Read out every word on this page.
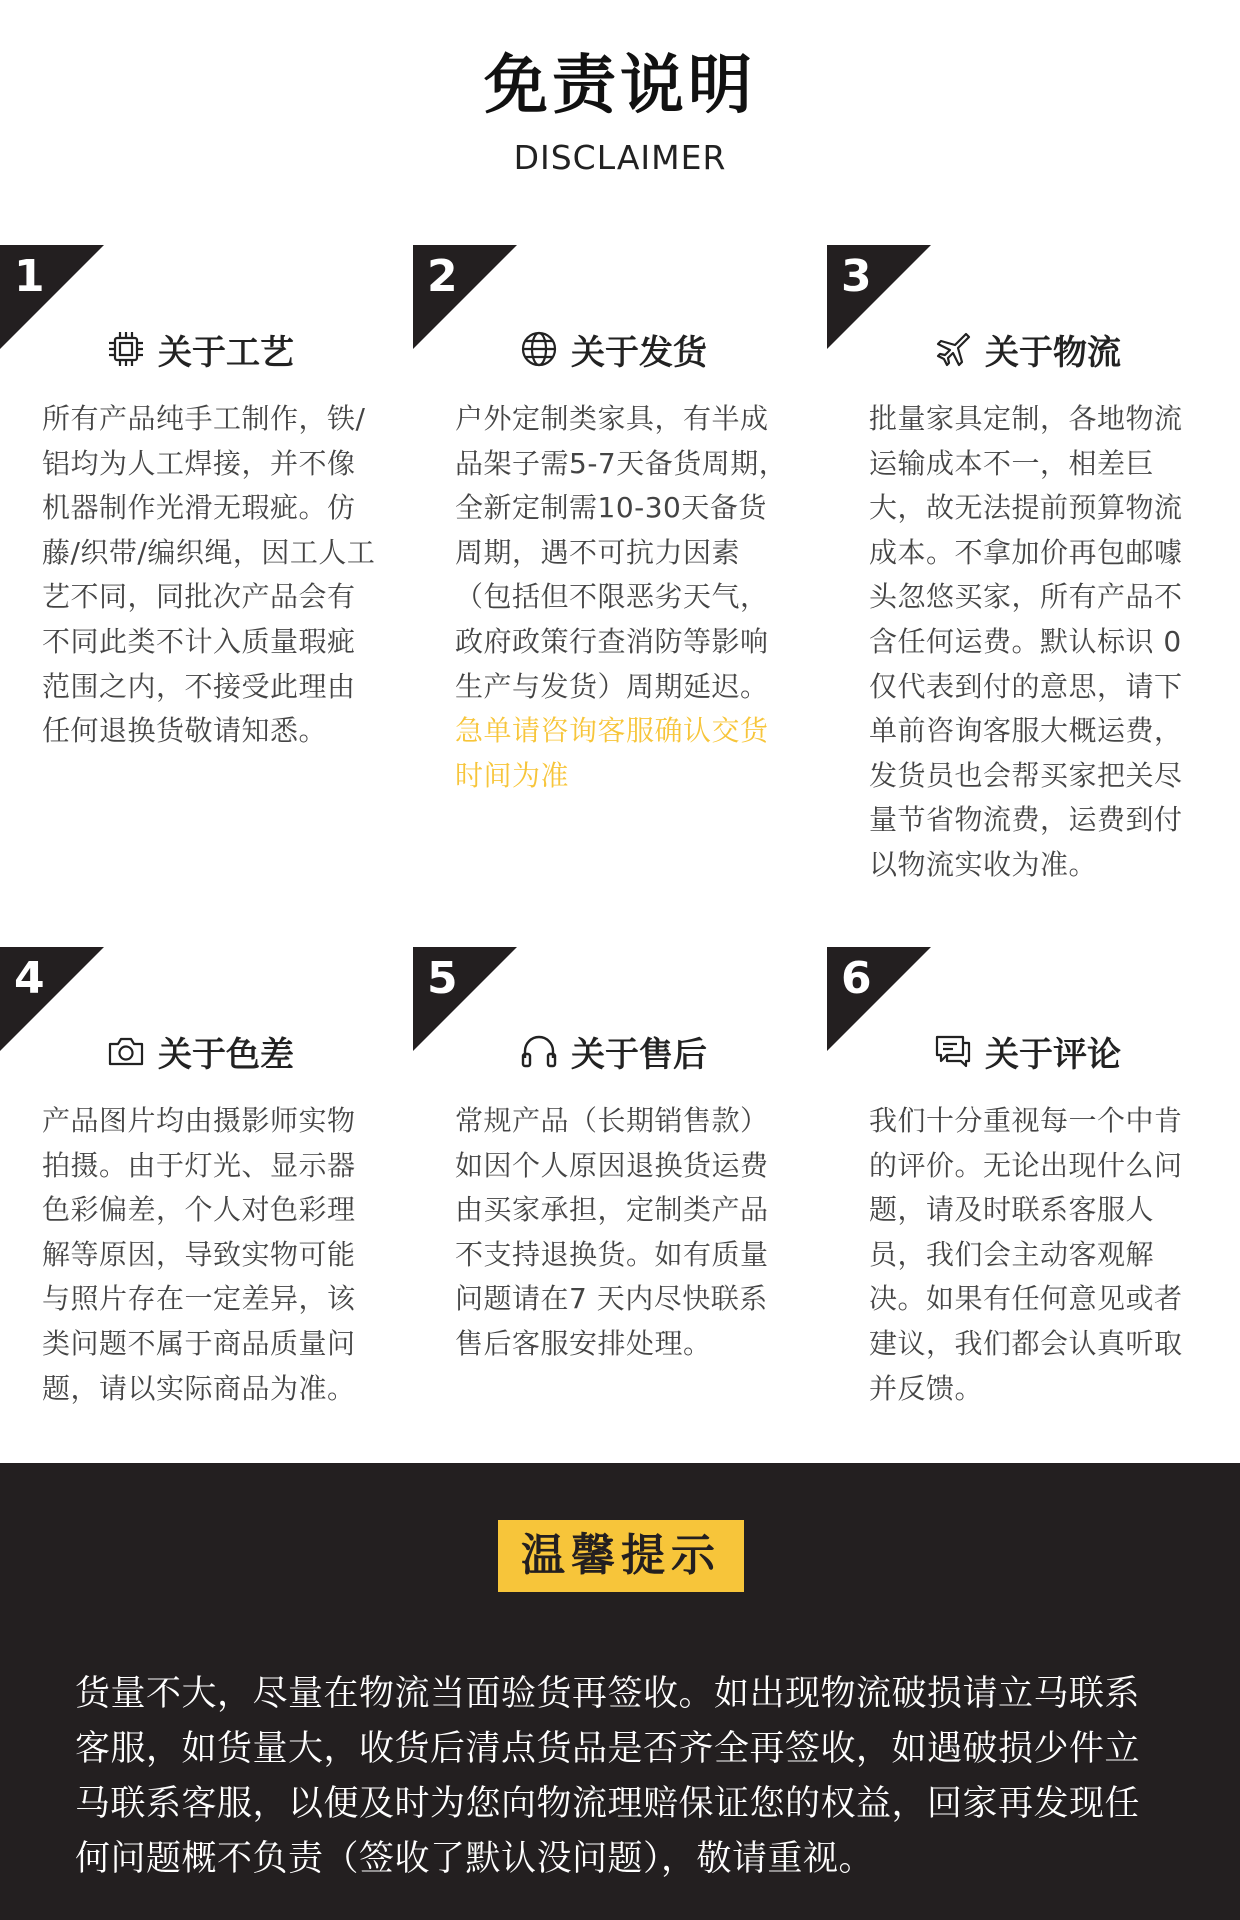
免责说明
DISCLAIMER
1
关于工艺
所有产品纯手工制作，铁/铝均为人工焊接，并不像机器制作光滑无瑕疵。仿藤/织带/编织绳，因工人工艺不同，同批次产品会有不同此类不计入质量瑕疵范围之内，不接受此理由任何退换货敬请知悉。
2
关于发货
户外定制类家具，有半成品架子需5-7天备货周期，全新定制需10-30天备货周期，遇不可抗力因素（包括但不限恶劣天气，政府政策行查消防等影响生产与发货）周期延迟。急单请咨询客服确认交货时间为准
3
关于物流
批量家具定制，各地物流运输成本不一，相差巨大，故无法提前预算物流成本。不拿加价再包邮噱头忽悠买家，所有产品不含任何运费。默认标识 0 仅代表到付的意思，请下单前咨询客服大概运费，发货员也会帮买家把关尽量节省物流费，运费到付以物流实收为准。
4
关于色差
产品图片均由摄影师实物拍摄。由于灯光、显示器色彩偏差，个人对色彩理解等原因，导致实物可能与照片存在一定差异，该类问题不属于商品质量问题，请以实际商品为准。
5
关于售后
常规产品（长期销售款）如因个人原因退换货运费由买家承担，定制类产品不支持退换货。如有质量问题请在7 天内尽快联系售后客服安排处理。
6
关于评论
我们十分重视每一个中肯的评价。无论出现什么问题，请及时联系客服人员，我们会主动客观解决。如果有任何意见或者建议，我们都会认真听取并反馈。
温馨提示
货量不大，尽量在物流当面验货再签收。如出现物流破损请立马联系客服，如货量大，收货后清点货品是否齐全再签收，如遇破损少件立马联系客服，以便及时为您向物流理赔保证您的权益，回家再发现任何问题概不负责（签收了默认没问题），敬请重视。
